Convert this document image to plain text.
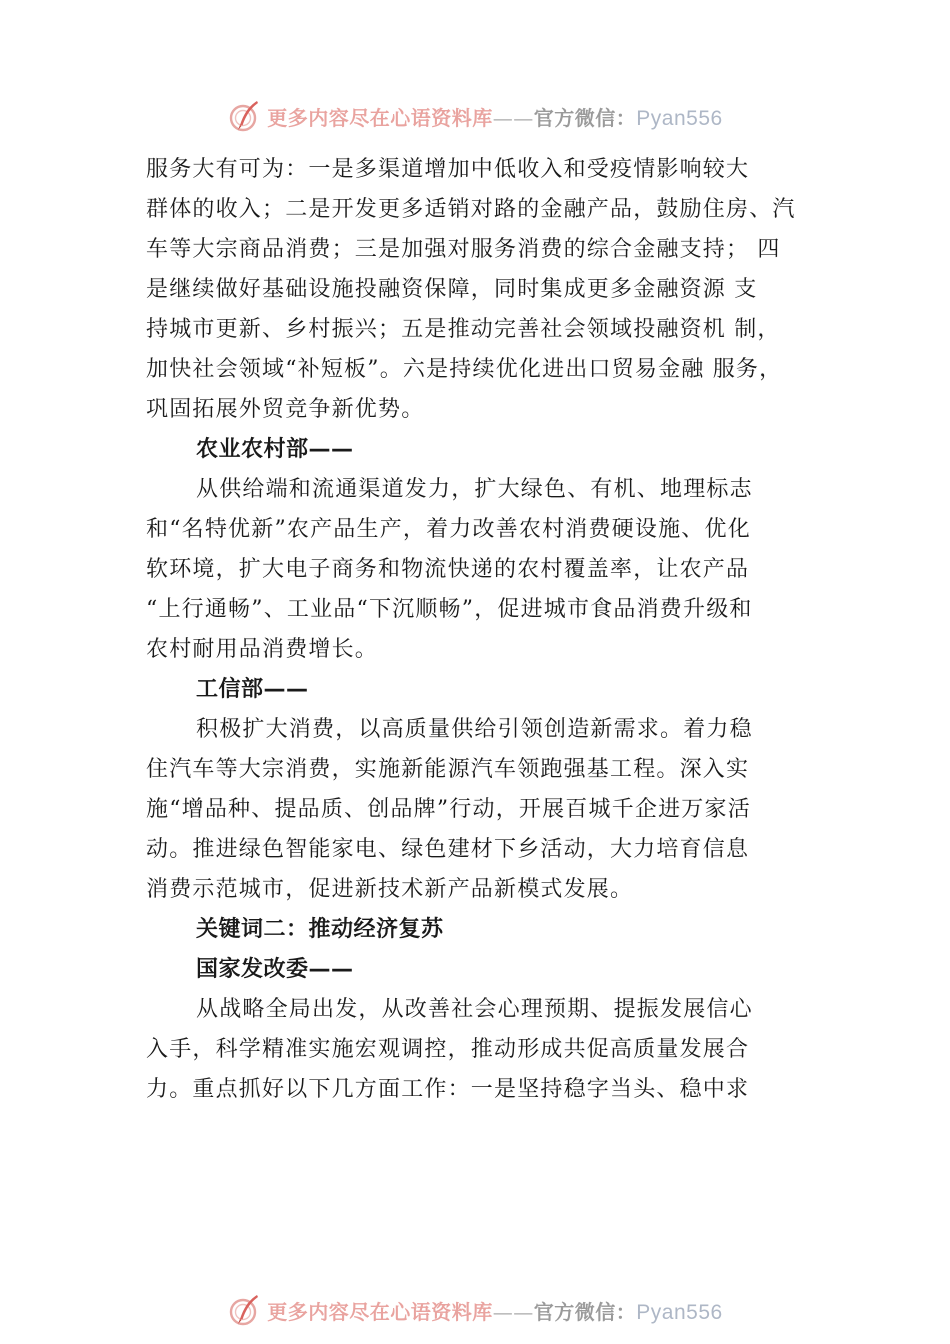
更多内容尽在心语资料库 —— 官方微信： Pyan556
服务大有可为：一是多渠道增加中低收入和受疫情影响较大
群体的收入；二是开发更多适销对路的金融产品，鼓励住房、汽
车等大宗商品消费；三是加强对服务消费的综合金融支持； 四
是继续做好基础设施投融资保障，同时集成更多金融资源 支
持城市更新、乡村振兴；五是推动完善社会领域投融资机 制，
加快社会领域“补短板”。六是持续优化进出口贸易金融 服务，
巩固拓展外贸竞争新优势。
农业农村部——
从供给端和流通渠道发力，扩大绿色、有机、地理标志
和“名特优新”农产品生产，着力改善农村消费硬设施、优化
软环境，扩大电子商务和物流快递的农村覆盖率，让农产品
“上行通畅”、工业品“下沉顺畅”，促进城市食品消费升级和
农村耐用品消费增长。
工信部——
积极扩大消费，以高质量供给引领创造新需求。着力稳
住汽车等大宗消费，实施新能源汽车领跑强基工程。深入实
施“增品种、提品质、创品牌”行动，开展百城千企进万家活
动。推进绿色智能家电、绿色建材下乡活动，大力培育信息
消费示范城市，促进新技术新产品新模式发展。
关键词二：推动经济复苏
国家发改委——
从战略全局出发，从改善社会心理预期、提振发展信心
入手，科学精准实施宏观调控，推动形成共促高质量发展合
力。重点抓好以下几方面工作：一是坚持稳字当头、稳中求
更多内容尽在心语资料库 —— 官方微信： Pyan556
